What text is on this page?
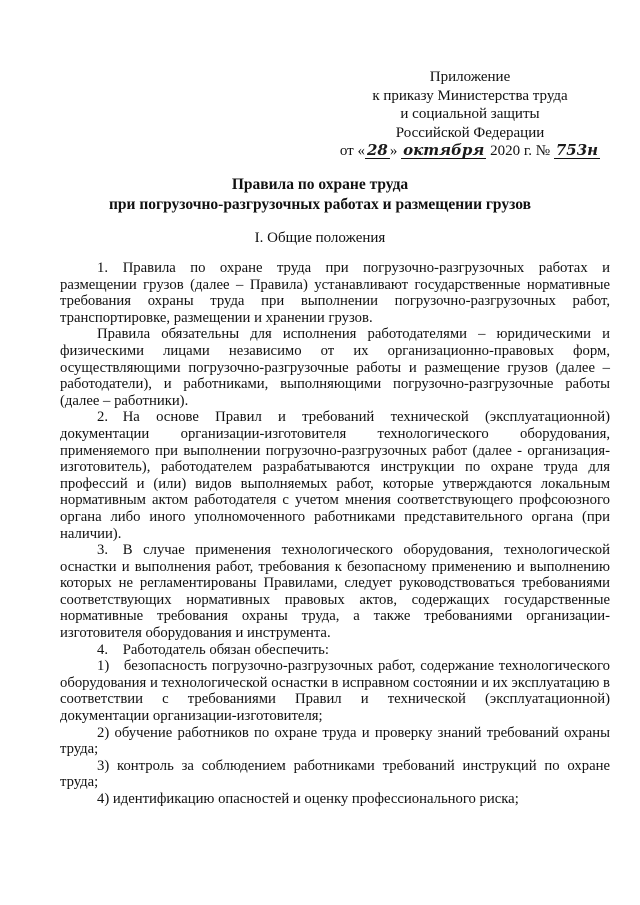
Приложение
к приказу Министерства труда
и социальной защиты
Российской Федерации
от « 28 » октября 2020 г. № 753н
Правила по охране труда
при погрузочно-разгрузочных работах и размещении грузов
I. Общие положения

1. Правила по охране труда при погрузочно-разгрузочных работах и размещении грузов (далее – Правила) устанавливают государственные нормативные требования охраны труда при выполнении погрузочно-разгрузочных работ, транспортировке, размещении и хранении грузов.

Правила обязательны для исполнения работодателями – юридическими и физическими лицами независимо от их организационно-правовых форм, осуществляющими погрузочно-разгрузочные работы и размещение грузов (далее – работодатели), и работниками, выполняющими погрузочно-разгрузочные работы (далее – работники).

2. На основе Правил и требований технической (эксплуатационной) документации организации-изготовителя технологического оборудования, применяемого при выполнении погрузочно-разгрузочных работ (далее - организация-изготовитель), работодателем разрабатываются инструкции по охране труда для профессий и (или) видов выполняемых работ, которые утверждаются локальным нормативным актом работодателя с учетом мнения соответствующего профсоюзного органа либо иного уполномоченного работниками представительного органа (при наличии).

3. В случае применения технологического оборудования, технологической оснастки и выполнения работ, требования к безопасному применению и выполнению которых не регламентированы Правилами, следует руководствоваться требованиями соответствующих нормативных правовых актов, содержащих государственные нормативные требования охраны труда, а также требованиями организации-изготовителя оборудования и инструмента.

4. Работодатель обязан обеспечить:

1) безопасность погрузочно-разгрузочных работ, содержание технологического оборудования и технологической оснастки в исправном состоянии и их эксплуатацию в соответствии с требованиями Правил и технической (эксплуатационной) документации организации-изготовителя;

2) обучение работников по охране труда и проверку знаний требований охраны труда;

3) контроль за соблюдением работниками требований инструкций по охране труда;

4) идентификацию опасностей и оценку профессионального риска;
